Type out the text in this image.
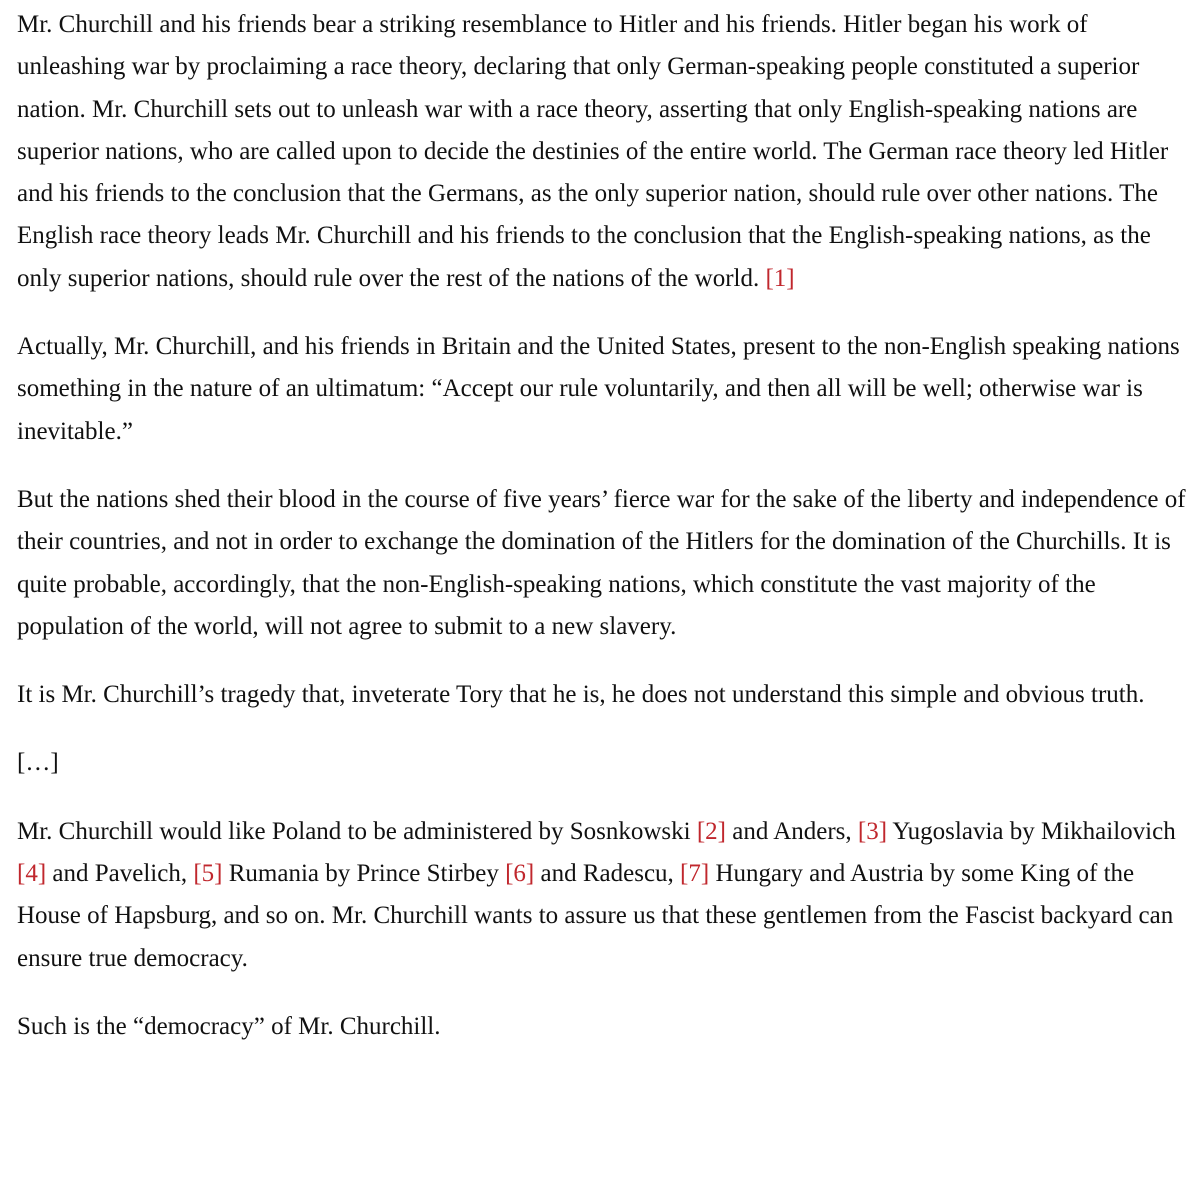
Mr. Churchill and his friends bear a striking resemblance to Hitler and his friends. Hitler began his work of unleashing war by proclaiming a race theory, declaring that only German-speaking people constituted a superior nation. Mr. Churchill sets out to unleash war with a race theory, asserting that only English-speaking nations are superior nations, who are called upon to decide the destinies of the entire world. The German race theory led Hitler and his friends to the conclusion that the Germans, as the only superior nation, should rule over other nations. The English race theory leads Mr. Churchill and his friends to the conclusion that the English-speaking nations, as the only superior nations, should rule over the rest of the nations of the world. [1]

Actually, Mr. Churchill, and his friends in Britain and the United States, present to the non-English speaking nations something in the nature of an ultimatum: “Accept our rule voluntarily, and then all will be well; otherwise war is inevitable.”

But the nations shed their blood in the course of five years’ fierce war for the sake of the liberty and independence of their countries, and not in order to exchange the domination of the Hitlers for the domination of the Churchills. It is quite probable, accordingly, that the non-English-speaking nations, which constitute the vast majority of the population of the world, will not agree to submit to a new slavery.

It is Mr. Churchill’s tragedy that, inveterate Tory that he is, he does not understand this simple and obvious truth.

[…]

Mr. Churchill would like Poland to be administered by Sosnkowski [2] and Anders, [3] Yugoslavia by Mikhailovich [4] and Pavelich, [5] Rumania by Prince Stirbey [6] and Radescu, [7] Hungary and Austria by some King of the House of Hapsburg, and so on. Mr. Churchill wants to assure us that these gentlemen from the Fascist backyard can ensure true democracy.

Such is the “democracy” of Mr. Churchill.
